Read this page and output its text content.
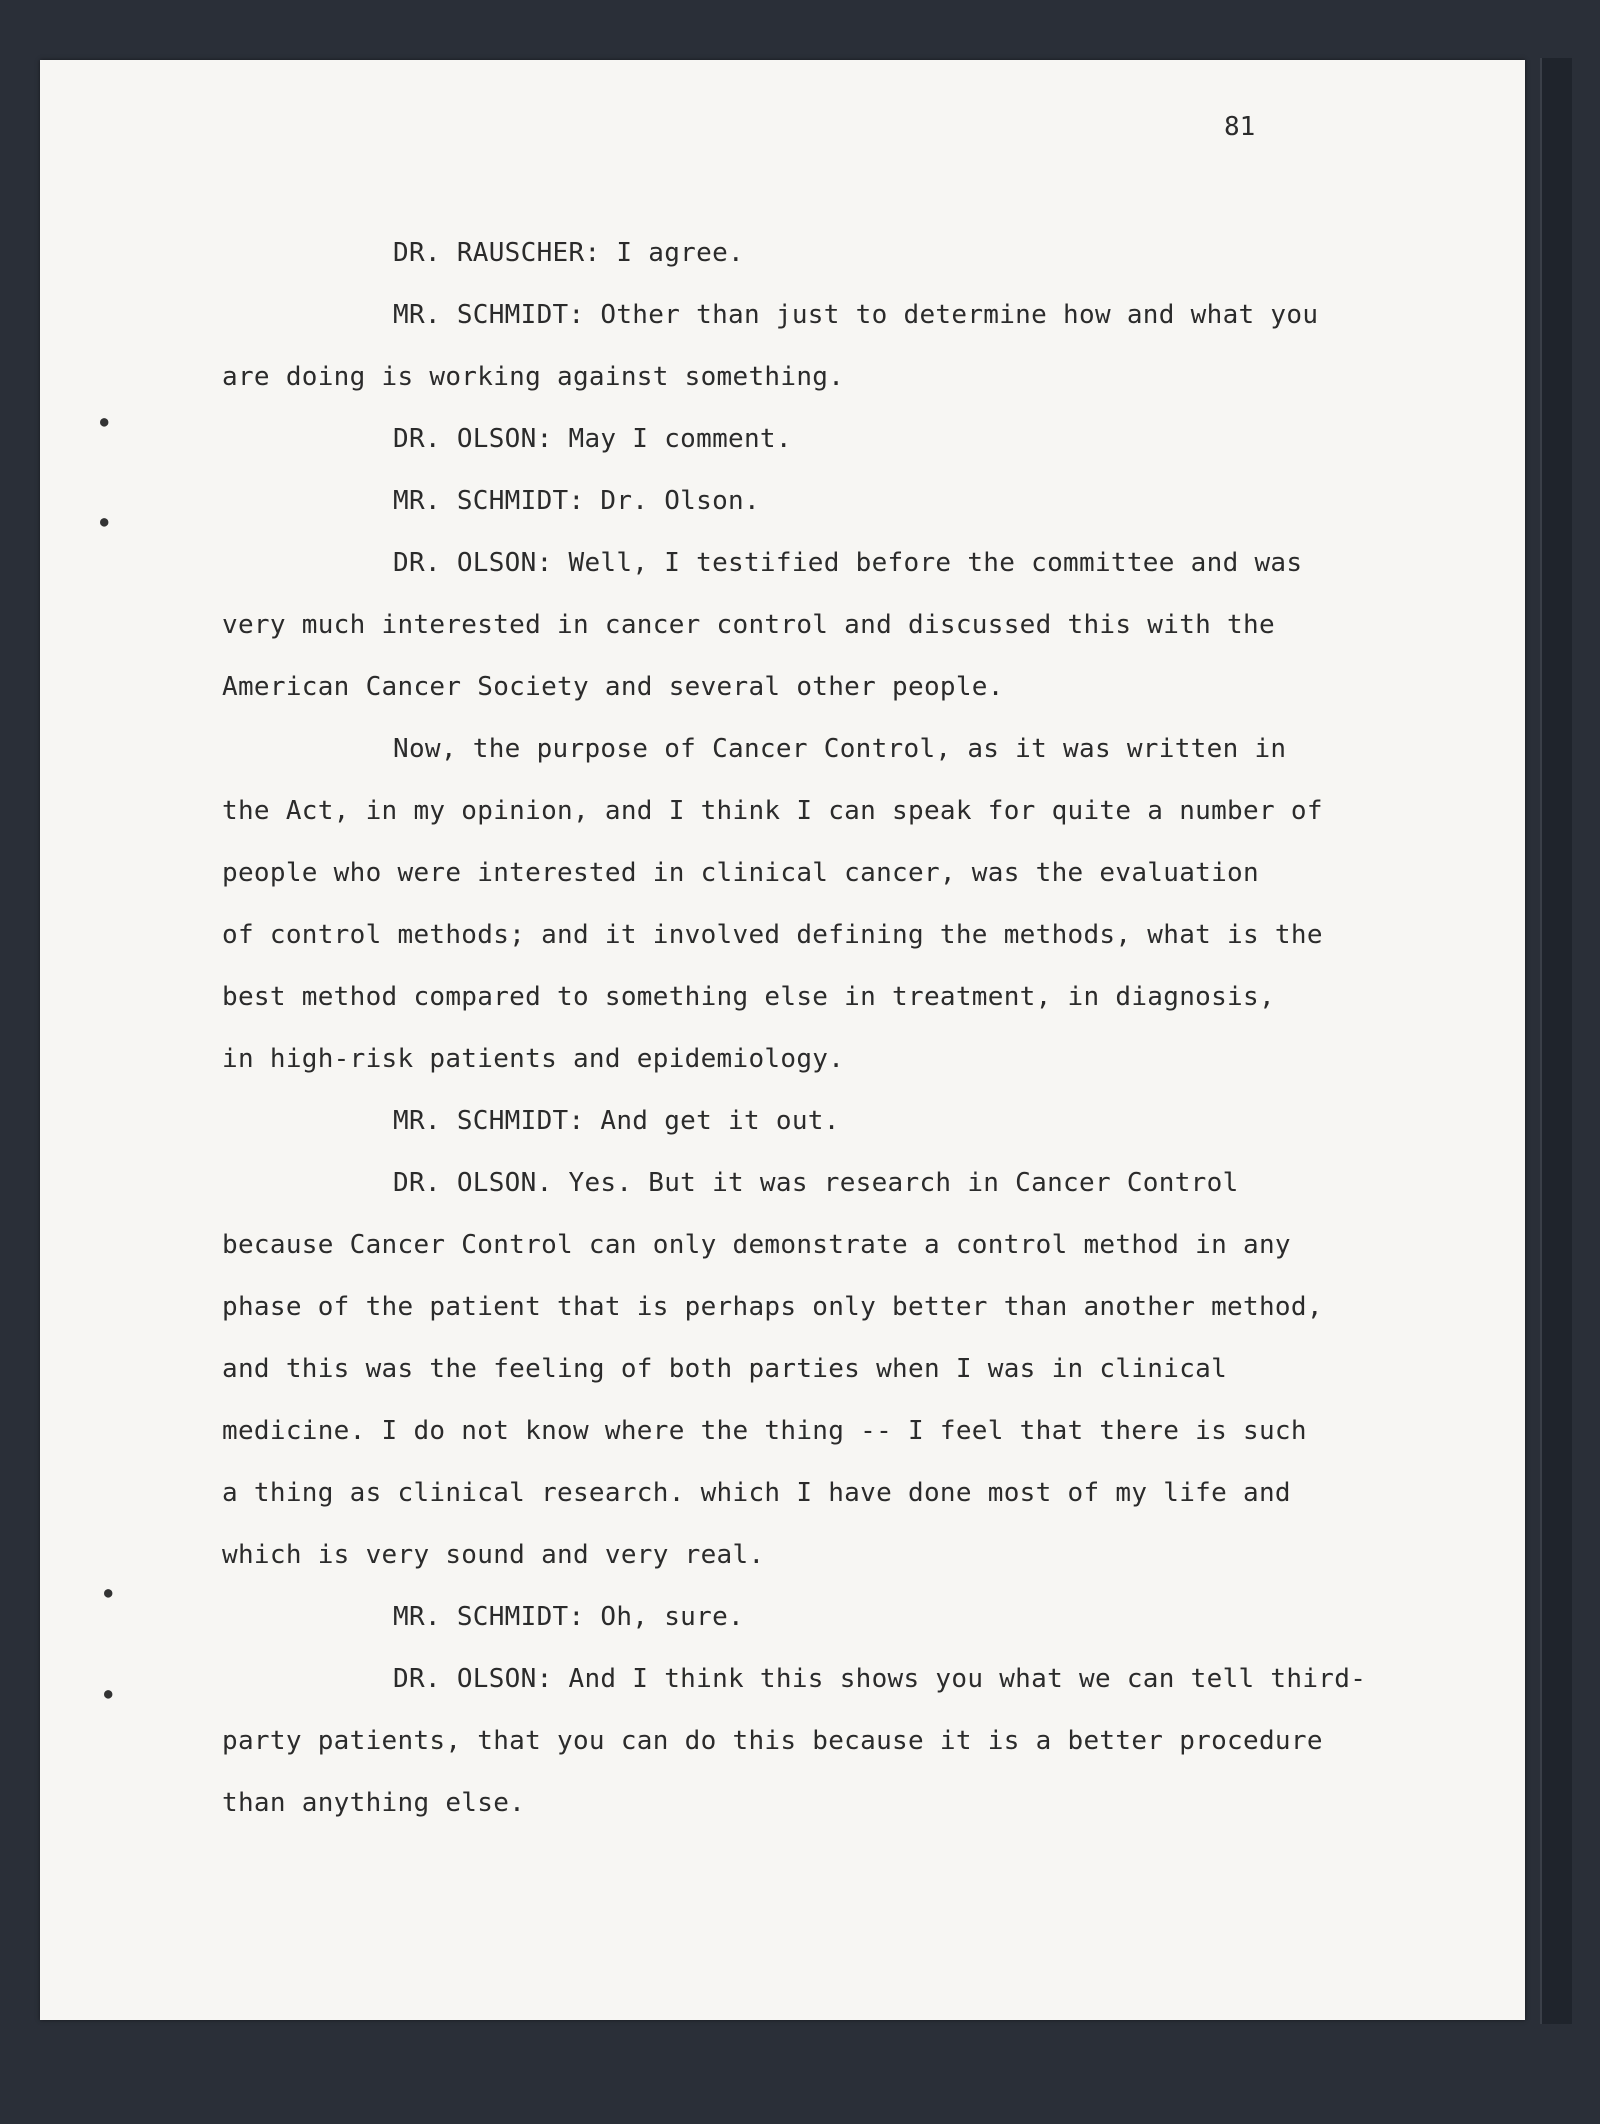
81
DR. RAUSCHER: I agree.
MR. SCHMIDT: Other than just to determine how and what you
are doing is working against something.
DR. OLSON: May I comment.
MR. SCHMIDT: Dr. Olson.
DR. OLSON: Well, I testified before the committee and was
very much interested in cancer control and discussed this with the
American Cancer Society and several other people.
Now, the purpose of Cancer Control, as it was written in
the Act, in my opinion, and I think I can speak for quite a number of
people who were interested in clinical cancer, was the evaluation
of control methods; and it involved defining the methods, what is the
best method compared to something else in treatment, in diagnosis,
in high-risk patients and epidemiology.
MR. SCHMIDT: And get it out.
DR. OLSON. Yes. But it was research in Cancer Control
because Cancer Control can only demonstrate a control method in any
phase of the patient that is perhaps only better than another method,
and this was the feeling of both parties when I was in clinical
medicine. I do not know where the thing -- I feel that there is such
a thing as clinical research. which I have done most of my life and
which is very sound and very real.
MR. SCHMIDT: Oh, sure.
DR. OLSON: And I think this shows you what we can tell third-
party patients, that you can do this because it is a better procedure
than anything else.
●
●
●
●
